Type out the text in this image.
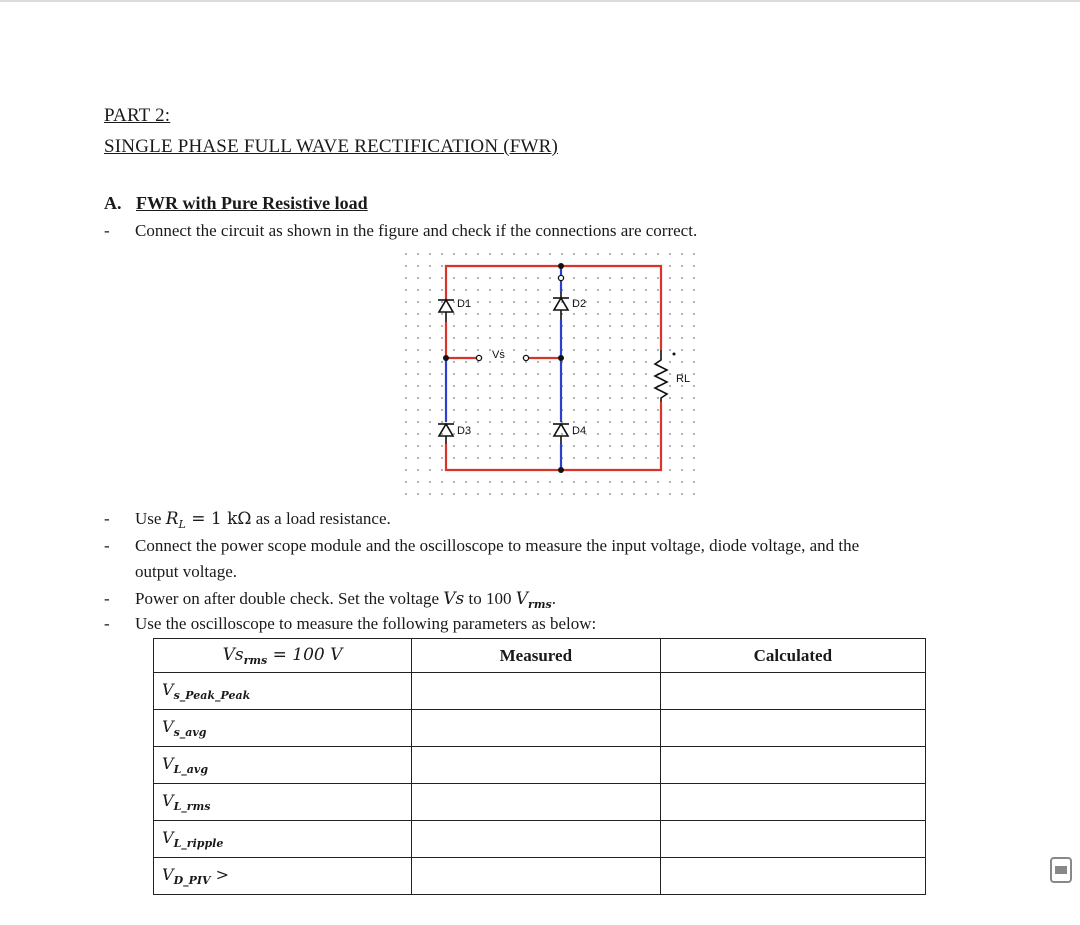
PART 2:
SINGLE PHASE FULL WAVE RECTIFICATION (FWR)
A. FWR with Pure Resistive load
- Connect the circuit as shown in the figure and check if the connections are correct.
D1	D2
D3	D4
Vs
RL
- Use $R_L = 1$ kΩ as a load resistance.
- Connect the power scope module and the oscilloscope to measure the input voltage, diode voltage, and the
output voltage.
- Power on after double check. Set the voltage Vs to 100 $V_{rms}$.
- Use the oscilloscope to measure the following parameters as below:
$Vs_{rms} = 100$ V	Measured	Calculated
$V_{s\_Peak\_Peak}$		
$V_{s\_avg}$		
$V_{L\_avg}$		
$V_{L\_rms}$		
$V_{L\_ripple}$		
$V_{D\_PIV}$ >		
